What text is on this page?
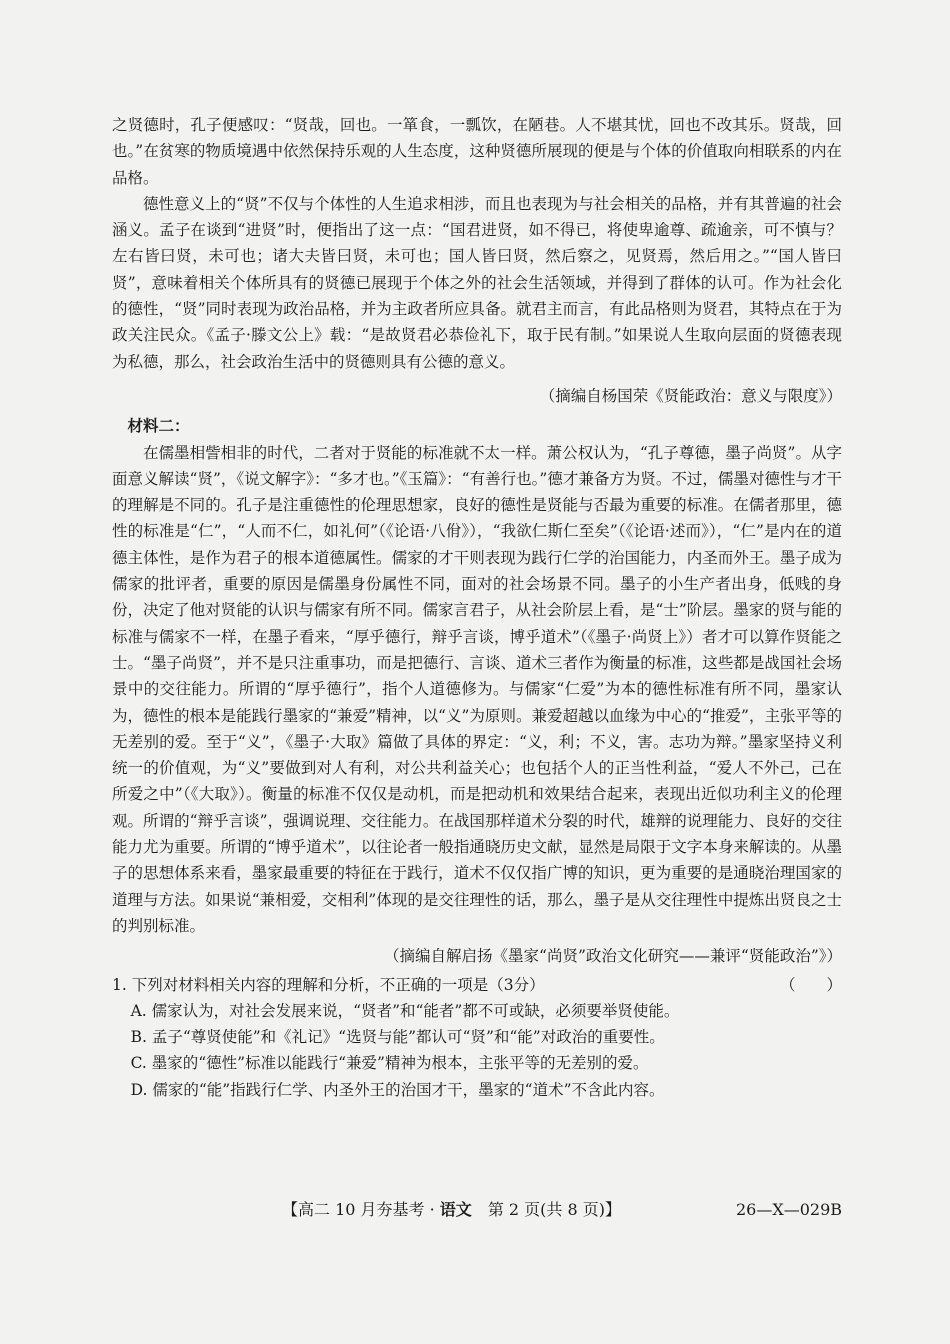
之贤德时，孔子便感叹：“贤哉，回也。一箪食，一瓢饮，在陋巷。人不堪其忧，回也不改其乐。贤哉，回也。”在贫寒的物质境遇中依然保持乐观的人生态度，这种贤德所展现的便是与个体的价值取向相联系的内在品格。

德性意义上的“贤”不仅与个体性的人生追求相涉，而且也表现为与社会相关的品格，并有其普遍的社会涵义。孟子在谈到“进贤”时，便指出了这一点：“国君进贤，如不得已，将使卑逾尊、疏逾亲，可不慎与？左右皆曰贤，未可也；诸大夫皆曰贤，未可也；国人皆曰贤，然后察之，见贤焉，然后用之。”“国人皆曰贤”，意味着相关个体所具有的贤德已展现于个体之外的社会生活领域，并得到了群体的认可。作为社会化的德性，“贤”同时表现为政治品格，并为主政者所应具备。就君主而言，有此品格则为贤君，其特点在于为政关注民众。《孟子·滕文公上》载：“是故贤君必恭俭礼下，取于民有制。”如果说人生取向层面的贤德表现为私德，那么，社会政治生活中的贤德则具有公德的意义。

（摘编自杨国荣《贤能政治：意义与限度》）

材料二：

在儒墨相訾相非的时代，二者对于贤能的标准就不太一样。萧公权认为，“孔子尊德，墨子尚贤”。从字面意义解读“贤”，《说文解字》：“多才也。”《玉篇》：“有善行也。”德才兼备方为贤。不过，儒墨对德性与才干的理解是不同的。孔子是注重德性的伦理思想家，良好的德性是贤能与否最为重要的标准。在儒者那里，德性的标准是“仁”，“人而不仁，如礼何”（《论语·八佾》），“我欲仁斯仁至矣”（《论语·述而》），“仁”是内在的道德主体性，是作为君子的根本道德属性。儒家的才干则表现为践行仁学的治国能力，内圣而外王。墨子成为儒家的批评者，重要的原因是儒墨身份属性不同，面对的社会场景不同。墨子的小生产者出身，低贱的身份，决定了他对贤能的认识与儒家有所不同。儒家言君子，从社会阶层上看，是“士”阶层。墨家的贤与能的标准与儒家不一样，在墨子看来，“厚乎德行，辩乎言谈，博乎道术”（《墨子·尚贤上》）者才可以算作贤能之士。“墨子尚贤”，并不是只注重事功，而是把德行、言谈、道术三者作为衡量的标准，这些都是战国社会场景中的交往能力。所谓的“厚乎德行”，指个人道德修为。与儒家“仁爱”为本的德性标准有所不同，墨家认为，德性的根本是能践行墨家的“兼爱”精神，以“义”为原则。兼爱超越以血缘为中心的“推爱”，主张平等的无差别的爱。至于“义”，《墨子·大取》篇做了具体的界定：“义，利；不义，害。志功为辩。”墨家坚持义利统一的价值观，为“义”要做到对人有利，对公共利益关心；也包括个人的正当性利益，“爱人不外己，己在所爱之中”（《大取》）。衡量的标准不仅仅是动机，而是把动机和效果结合起来，表现出近似功利主义的伦理观。所谓的“辩乎言谈”，强调说理、交往能力。在战国那样道术分裂的时代，雄辩的说理能力、良好的交往能力尤为重要。所谓的“博乎道术”，以往论者一般指通晓历史文献，显然是局限于文字本身来解读的。从墨子的思想体系来看，墨家最重要的特征在于践行，道术不仅仅指广博的知识，更为重要的是通晓治理国家的道理与方法。如果说“兼相爱，交相利”体现的是交往理性的话，那么，墨子是从交往理性中提炼出贤良之士的判别标准。

（摘编自解启扬《墨家“尚贤”政治文化研究——兼评“贤能政治”》）

1. 下列对材料相关内容的理解和分析，不正确的一项是（3分）	（　　）

A. 儒家认为，对社会发展来说，“贤者”和“能者”都不可或缺，必须要举贤使能。

B. 孟子“尊贤使能”和《礼记》“选贤与能”都认可“贤”和“能”对政治的重要性。

C. 墨家的“德性”标准以能践行“兼爱”精神为根本，主张平等的无差别的爱。

D. 儒家的“能”指践行仁学、内圣外王的治国才干，墨家的“道术”不含此内容。

【高二 10 月夯基考 · 语文　第 2 页(共 8 页)】	26—X—029B
